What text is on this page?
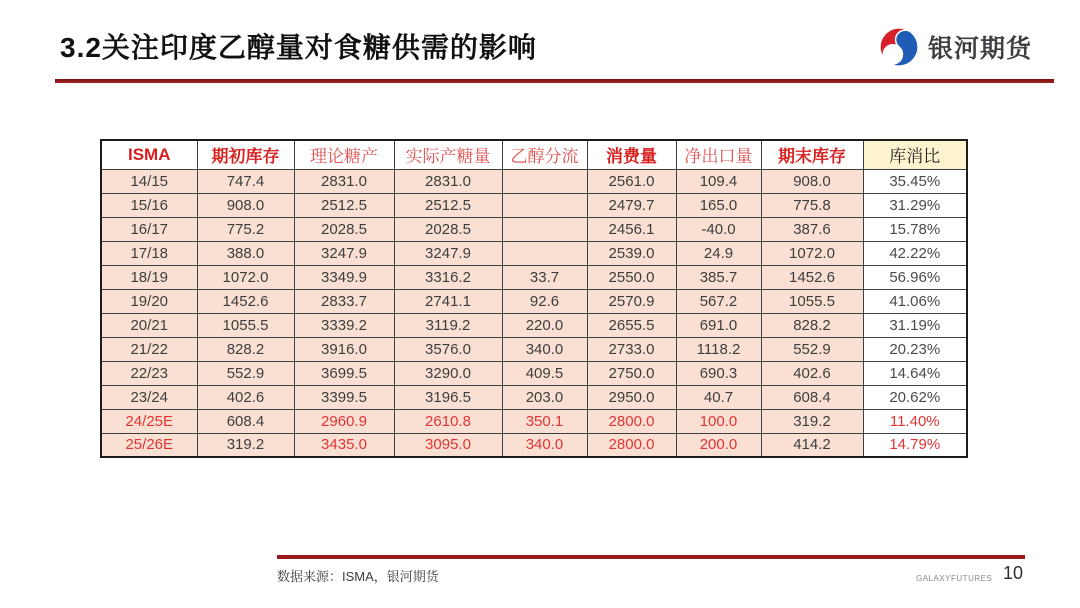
3.2关注印度乙醇量对食糖供需的影响	银河期货
ISMA	期初库存	理论糖产	实际产糖量	乙醇分流	消费量	净出口量	期末库存	库消比
14/15	747.4	2831.0	2831.0		2561.0	109.4	908.0	35.45%
15/16	908.0	2512.5	2512.5		2479.7	165.0	775.8	31.29%
16/17	775.2	2028.5	2028.5		2456.1	-40.0	387.6	15.78%
17/18	388.0	3247.9	3247.9		2539.0	24.9	1072.0	42.22%
18/19	1072.0	3349.9	3316.2	33.7	2550.0	385.7	1452.6	56.96%
19/20	1452.6	2833.7	2741.1	92.6	2570.9	567.2	1055.5	41.06%
20/21	1055.5	3339.2	3119.2	220.0	2655.5	691.0	828.2	31.19%
21/22	828.2	3916.0	3576.0	340.0	2733.0	1118.2	552.9	20.23%
22/23	552.9	3699.5	3290.0	409.5	2750.0	690.3	402.6	14.64%
23/24	402.6	3399.5	3196.5	203.0	2950.0	40.7	608.4	20.62%
24/25E	608.4	2960.9	2610.8	350.1	2800.0	100.0	319.2	11.40%
25/26E	319.2	3435.0	3095.0	340.0	2800.0	200.0	414.2	14.79%
数据来源：ISMA，银河期货	GALAXYFUTURES 10
